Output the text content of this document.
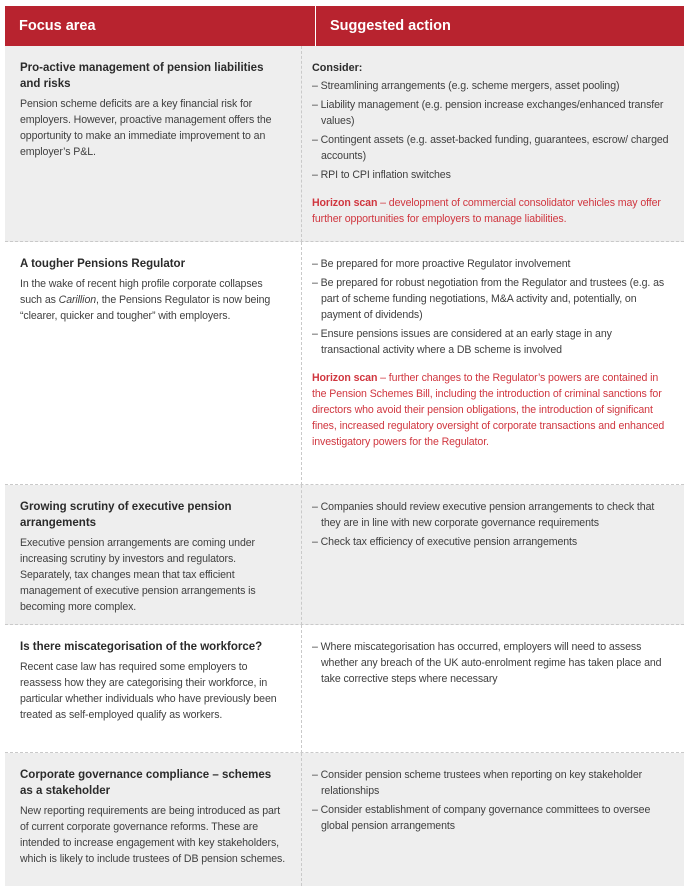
Focus area	Suggested action
Pro-active management of pension liabilities and risks
Pension scheme deficits are a key financial risk for employers. However, proactive management offers the opportunity to make an immediate improvement to an employer’s P&L.
Consider:
– Streamlining arrangements (e.g. scheme mergers, asset pooling)
– Liability management (e.g. pension increase exchanges/enhanced transfer values)
– Contingent assets (e.g. asset-backed funding, guarantees, escrow/ charged accounts)
– RPI to CPI inflation switches
Horizon scan – development of commercial consolidator vehicles may offer further opportunities for employers to manage liabilities.
A tougher Pensions Regulator
In the wake of recent high profile corporate collapses such as Carillion, the Pensions Regulator is now being “clearer, quicker and tougher” with employers.
– Be prepared for more proactive Regulator involvement
– Be prepared for robust negotiation from the Regulator and trustees (e.g. as part of scheme funding negotiations, M&A activity and, potentially, on payment of dividends)
– Ensure pensions issues are considered at an early stage in any transactional activity where a DB scheme is involved
Horizon scan – further changes to the Regulator’s powers are contained in the Pension Schemes Bill, including the introduction of criminal sanctions for directors who avoid their pension obligations, the introduction of significant fines, increased regulatory oversight of corporate transactions and enhanced investigatory powers for the Regulator.
Growing scrutiny of executive pension arrangements
Executive pension arrangements are coming under increasing scrutiny by investors and regulators. Separately, tax changes mean that tax efficient management of executive pension arrangements is becoming more complex.
– Companies should review executive pension arrangements to check that they are in line with new corporate governance requirements
– Check tax efficiency of executive pension arrangements
Is there miscategorisation of the workforce?
Recent case law has required some employers to reassess how they are categorising their workforce, in particular whether individuals who have previously been treated as self-employed qualify as workers.
– Where miscategorisation has occurred, employers will need to assess whether any breach of the UK auto-enrolment regime has taken place and take corrective steps where necessary
Corporate governance compliance – schemes as a stakeholder
New reporting requirements are being introduced as part of current corporate governance reforms. These are intended to increase engagement with key stakeholders, which is likely to include trustees of DB pension schemes.
– Consider pension scheme trustees when reporting on key stakeholder relationships
– Consider establishment of company governance committees to oversee global pension arrangements
